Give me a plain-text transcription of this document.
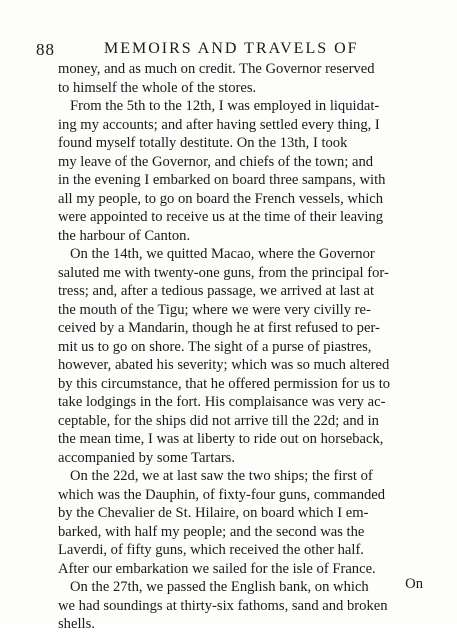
88	MEMOIRS AND TRAVELS OF
money, and as much on credit. The Governor reserved
to himself the whole of the stores.
From the 5th to the 12th, I was employed in liquidat-
ing my accounts; and after having settled every thing, I
found myself totally destitute. On the 13th, I took
my leave of the Governor, and chiefs of the town; and
in the evening I embarked on board three sampans, with
all my people, to go on board the French vessels, which
were appointed to receive us at the time of their leaving
the harbour of Canton.
On the 14th, we quitted Macao, where the Governor
saluted me with twenty-one guns, from the principal for-
tress; and, after a tedious passage, we arrived at last at
the mouth of the Tigu; where we were very civilly re-
ceived by a Mandarin, though he at first refused to per-
mit us to go on shore. The sight of a purse of piastres,
however, abated his severity; which was so much altered
by this circumstance, that he offered permission for us to
take lodgings in the fort. His complaisance was very ac-
ceptable, for the ships did not arrive till the 22d; and in
the mean time, I was at liberty to ride out on horseback,
accompanied by some Tartars.
On the 22d, we at last saw the two ships; the first of
which was the Dauphin, of fixty-four guns, commanded
by the Chevalier de St. Hilaire, on board which I em-
barked, with half my people; and the second was the
Laverdi, of fifty guns, which received the other half.
After our embarkation we sailed for the isle of France.
On the 27th, we passed the English bank, on which
we had soundings at thirty-six fathoms, sand and broken
shells.
On
